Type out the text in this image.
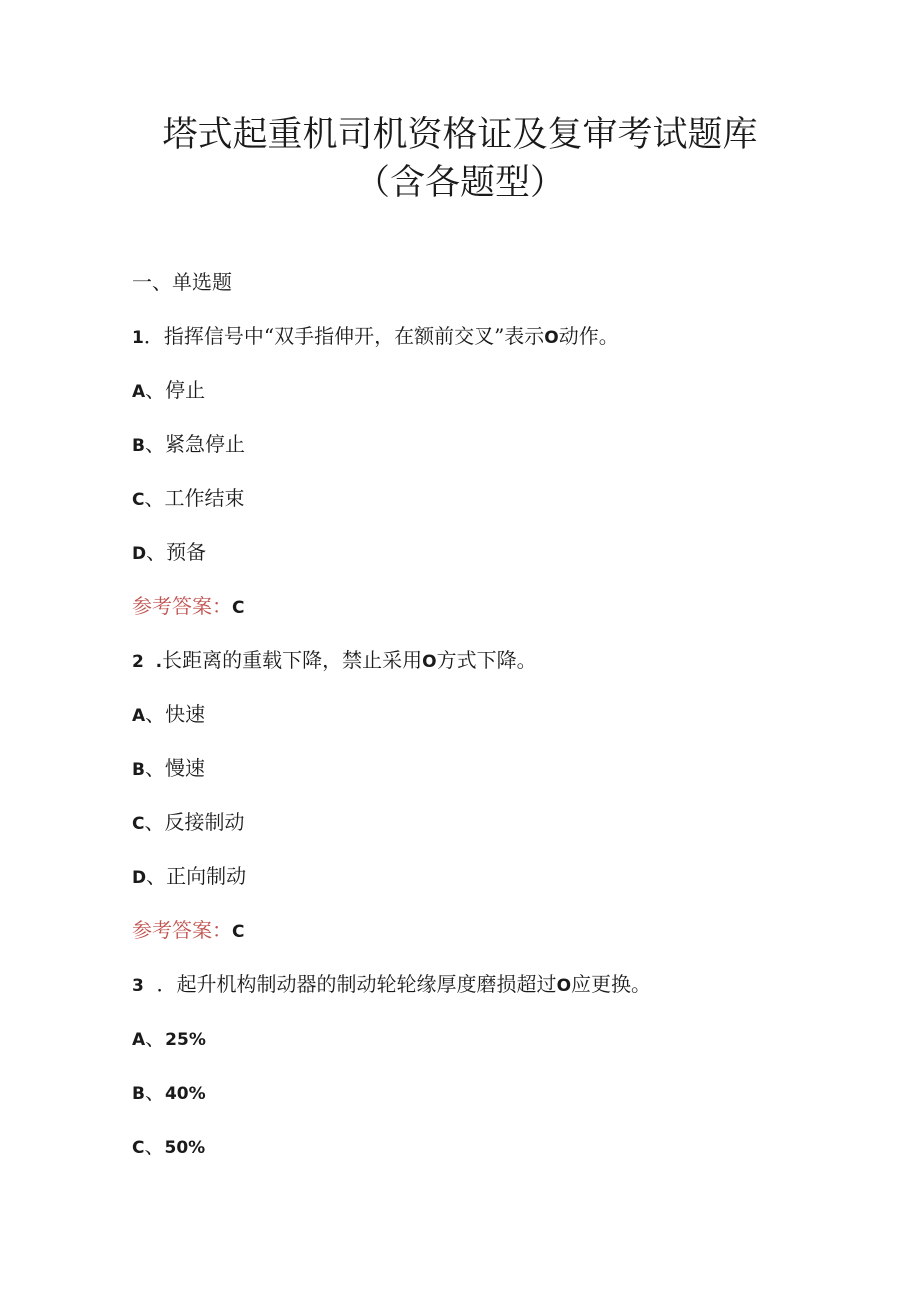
塔式起重机司机资格证及复审考试题库
（含各题型）

一、单选题

1．指挥信号中“双手指伸开，在额前交叉”表示O动作。

A、停止

B、紧急停止

C、工作结束

D、预备

参考答案：C

2  .长距离的重载下降，禁止采用O方式下降。

A、快速

B、慢速

C、反接制动

D、正向制动

参考答案：C

3  ．起升机构制动器的制动轮轮缘厚度磨损超过O应更换。

A、25%

B、40%

C、50%
